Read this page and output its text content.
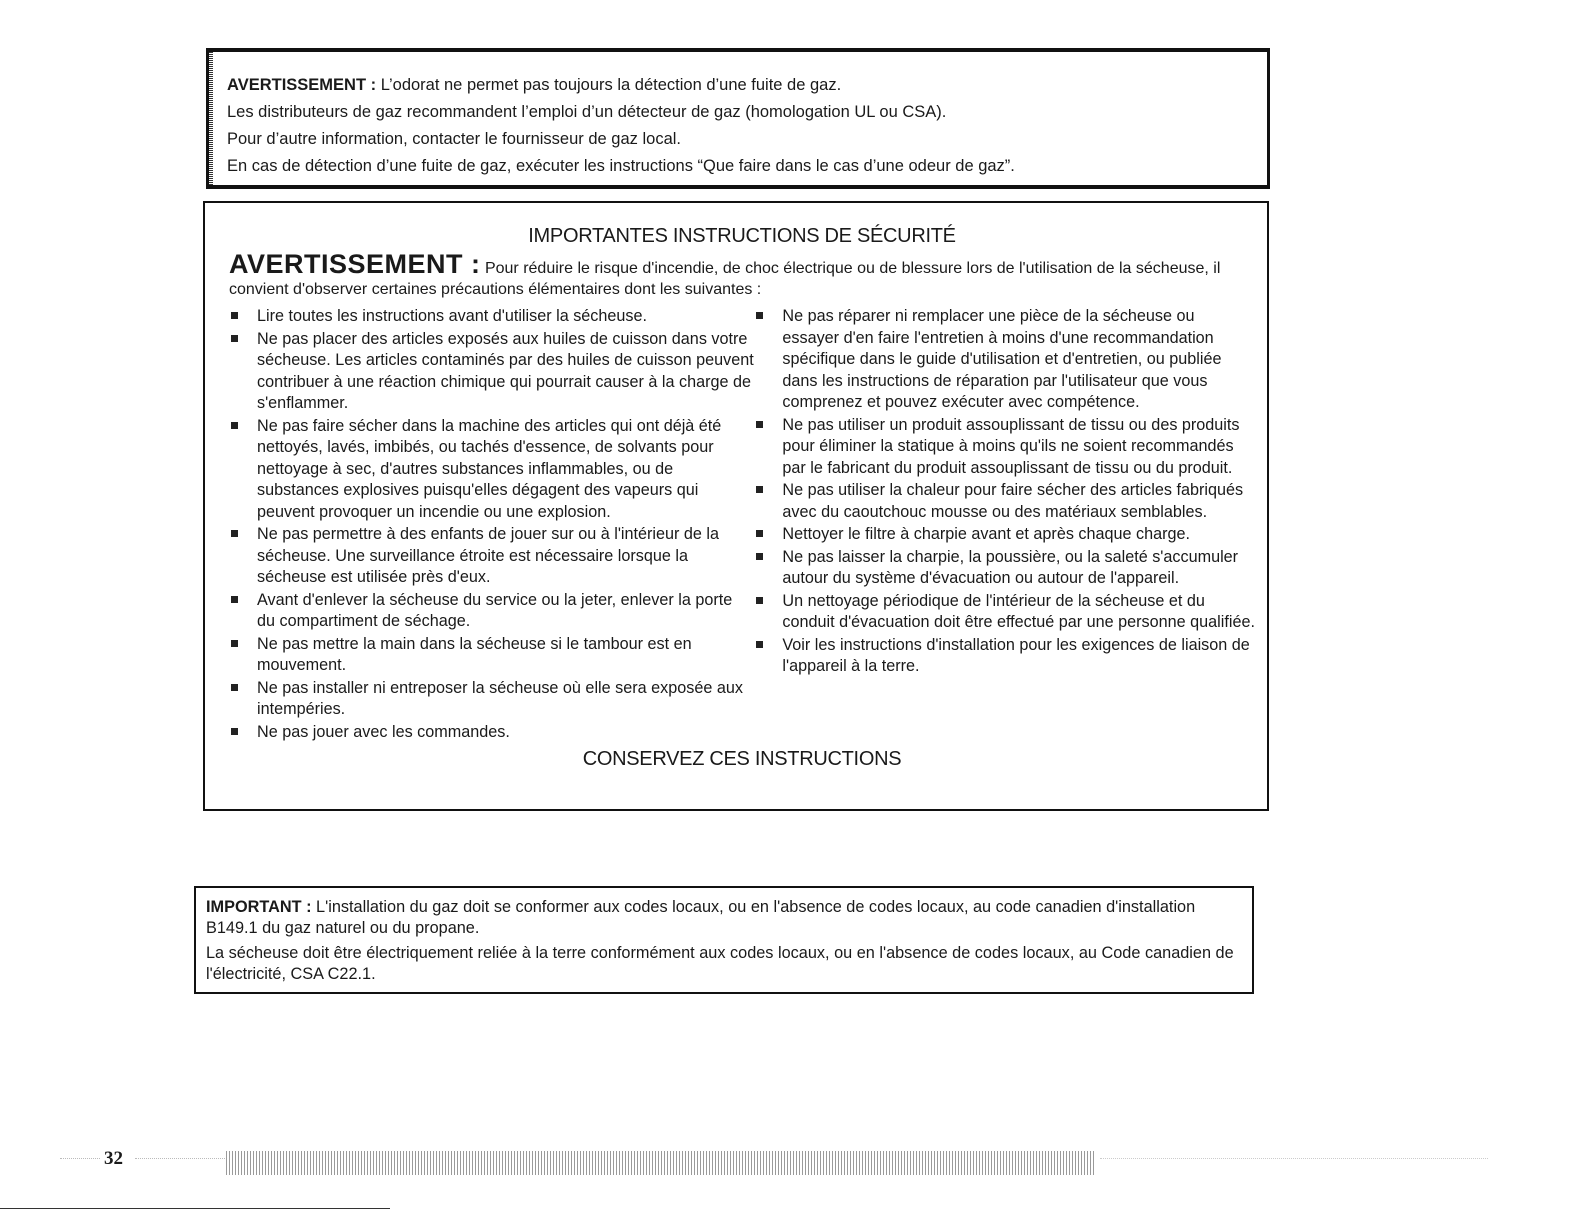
AVERTISSEMENT : L’odorat ne permet pas toujours la détection d’une fuite de gaz.

Les distributeurs de gaz recommandent l’emploi d’un détecteur de gaz (homologation UL ou CSA).

Pour d’autre information, contacter le fournisseur de gaz local.

En cas de détection d’une fuite de gaz, exécuter les instructions “Que faire dans le cas d’une odeur de gaz”.

IMPORTANTES INSTRUCTIONS DE SÉCURITÉ

AVERTISSEMENT : Pour réduire le risque d'incendie, de choc électrique ou de blessure lors de l'utilisation de la sécheuse, il convient d'observer certaines précautions élémentaires dont les suivantes :

Lire toutes les instructions avant d'utiliser la sécheuse.
Ne pas placer des articles exposés aux huiles de cuisson dans votre sécheuse. Les articles contaminés par des huiles de cuisson peuvent contribuer à une réaction chimique qui pourrait causer à la charge de s'enflammer.
Ne pas faire sécher dans la machine des articles qui ont déjà été nettoyés, lavés, imbibés, ou tachés d'essence, de solvants pour nettoyage à sec, d'autres substances inflammables, ou de substances explosives puisqu'elles dégagent des vapeurs qui peuvent provoquer un incendie ou une explosion.
Ne pas permettre à des enfants de jouer sur ou à l'intérieur de la sécheuse. Une surveillance étroite est nécessaire lorsque la sécheuse est utilisée près d'eux.
Avant d'enlever la sécheuse du service ou la jeter, enlever la porte du compartiment de séchage.
Ne pas mettre la main dans la sécheuse si le tambour est en mouvement.
Ne pas installer ni entreposer la sécheuse où elle sera exposée aux intempéries.
Ne pas jouer avec les commandes.
Ne pas réparer ni remplacer une pièce de la sécheuse ou essayer d'en faire l'entretien à moins d'une recommandation spécifique dans le guide d'utilisation et d'entretien, ou publiée dans les instructions de réparation par l'utilisateur que vous comprenez et pouvez exécuter avec compétence.
Ne pas utiliser un produit assouplissant de tissu ou des produits pour éliminer la statique à moins qu'ils ne soient recommandés par le fabricant du produit assouplissant de tissu ou du produit.
Ne pas utiliser la chaleur pour faire sécher des articles fabriqués avec du caoutchouc mousse ou des matériaux semblables.
Nettoyer le filtre à charpie avant et après chaque charge.
Ne pas laisser la charpie, la poussière, ou la saleté s'accumuler autour du système d'évacuation ou autour de l'appareil.
Un nettoyage périodique de l'intérieur de la sécheuse et du conduit d'évacuation doit être effectué par une personne qualifiée.
Voir les instructions d'installation pour les exigences de liaison de l'appareil à la terre.

CONSERVEZ CES INSTRUCTIONS

IMPORTANT : L'installation du gaz doit se conformer aux codes locaux, ou en l'absence de codes locaux, au code canadien d'installation B149.1 du gaz naturel ou du propane.

La sécheuse doit être électriquement reliée à la terre conformément aux codes locaux, ou en l'absence de codes locaux, au Code canadien de l'électricité, CSA C22.1.

32
